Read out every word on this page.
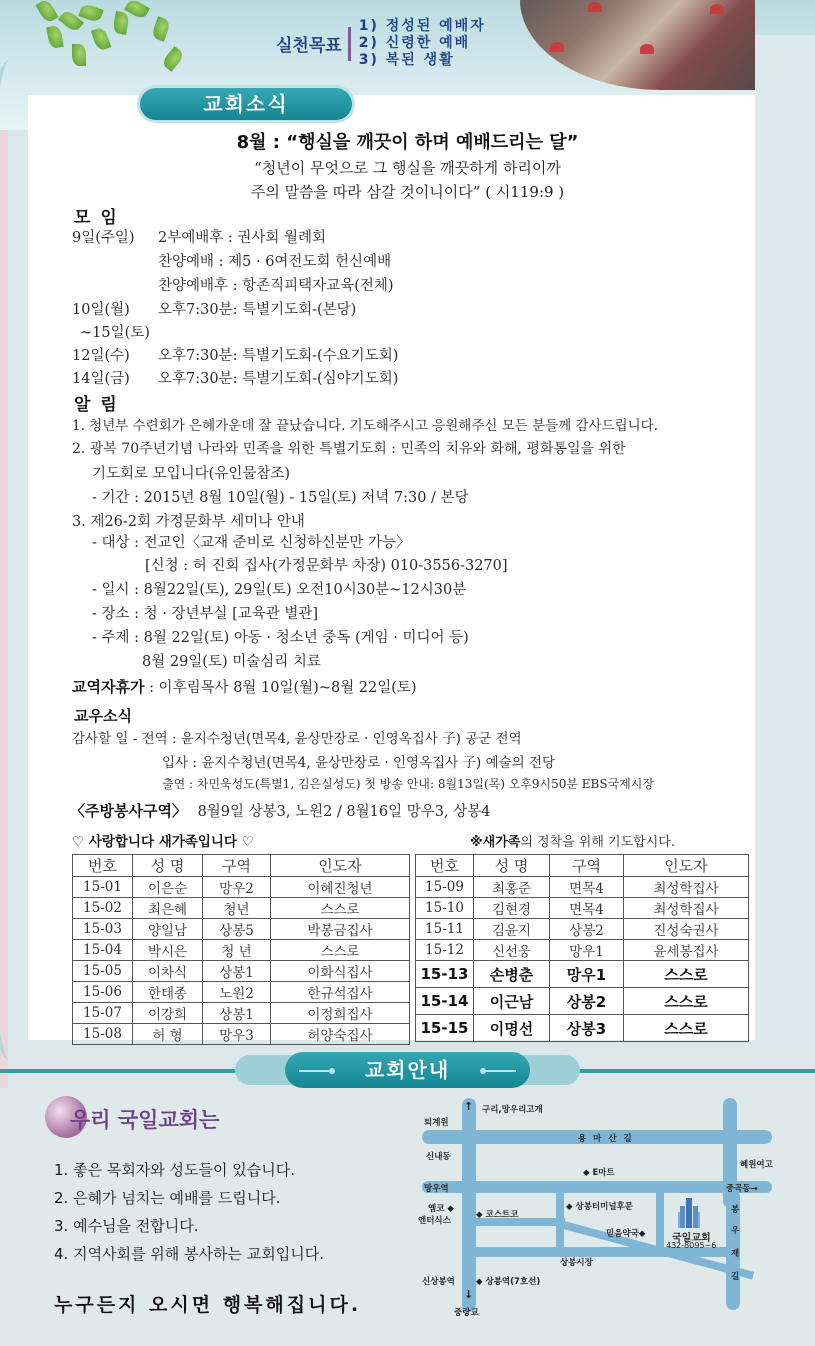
실천목표
1) 정성된 예배자
2) 신령한 예배
3) 복된 생활
교회소식
8월 : “행실을 깨끗이 하며 예배드리는 달”
“청년이 무엇으로 그 행실을 깨끗하게 하리이까
주의 말씀을 따라 삼갈 것이니이다” ( 시119:9 )
모 임
9일(주일) 2부예배후 : 권사회 월례회
찬양예배 : 제5 · 6여전도회 헌신예배
찬양예배후 : 항존직피택자교육(전체)
10일(월) 오후7:30분: 특별기도회-(본당)
~15일(토)
12일(수) 오후7:30분: 특별기도회-(수요기도회)
14일(금) 오후7:30분: 특별기도회-(심야기도회)
알 림
1. 청년부 수련회가 은혜가운데 잘 끝났습니다. 기도해주시고 응원해주신 모든 분들께 감사드립니다.
2. 광복 70주년기념 나라와 민족을 위한 특별기도회 : 민족의 치유와 화해, 평화통일을 위한
기도회로 모입니다(유인물참조)
- 기간 : 2015년 8월 10일(월) - 15일(토) 저녁 7:30 / 본당
3. 제26-2회 가정문화부 세미나 안내
- 대상 : 전교인〈교재 준비로 신청하신분만 가능〉
[신청 : 허 진회 집사(가정문화부 차장) 010-3556-3270]
- 일시 : 8월22일(토), 29일(토) 오전10시30분~12시30분
- 장소 : 청 · 장년부실 [교육관 별관]
- 주제 : 8월 22일(토) 아동 · 청소년 중독 (게임 · 미디어 등)
8월 29일(토) 미술심리 치료
교역자휴가 : 이후림목사 8월 10일(월)~8월 22일(토)
교우소식
감사할 일 - 전역 : 윤지수청년(면목4, 윤상만장로 · 인영옥집사 子) 공군 전역
입사 : 윤지수청년(면목4, 윤상만장로 · 인영옥집사 子) 예술의 전당
출연 : 차민욱성도(특별1, 김은실성도) 첫 방송 안내: 8월13일(목) 오후9시50분 EBS국제시장
〈주방봉사구역〉 8월9일 상봉3, 노원2 / 8월16일 망우3, 상봉4
♡ 사랑합니다 새가족입니다 ♡	※새가족의 정착을 위해 기도합시다.
번호	성 명	구역	인도자
15-01	이은순	망우2	이혜진청년
15-02	최은혜	청년	스스로
15-03	양일남	상봉5	박봉금집사
15-04	박시은	청 년	스스로
15-05	이차식	상봉1	이화식집사
15-06	한태종	노원2	한규석집사
15-07	이강희	상봉1	이정희집사
15-08	허 형	망우3	허양숙집사
번호	성 명	구역	인도자
15-09	최홍준	면목4	최성학집사
15-10	김현경	면목4	최성학집사
15-11	김윤지	상봉2	진성숙권사
15-12	신선웅	망우1	윤세봉집사
15-13	손병춘	망우1	스스로
15-14	이근남	상봉2	스스로
15-15	이명선	상봉3	스스로
교회안내
우리 국일교회는
1. 좋은 목회자와 성도들이 있습니다.
2. 은혜가 넘치는 예배를 드립니다.
3. 예수님을 전합니다.
4. 지역사회를 위해 봉사하는 교회입니다.
누구든지 오시면 행복해집니다.
↑ 구리,망우리고개
퇴계원
용 마 산 길
신내동
◆ E마트
혜원여고
망우역	중곡동→
옘코 ◆
엔터식스
◆ 코스트코
◆ 상봉터미널후문
국일교회
432-8095~6
믿음약국◆
봉
우
재
길
상봉시장
신상봉역 ◆ 상봉역(7호선)
↓
중랑교
